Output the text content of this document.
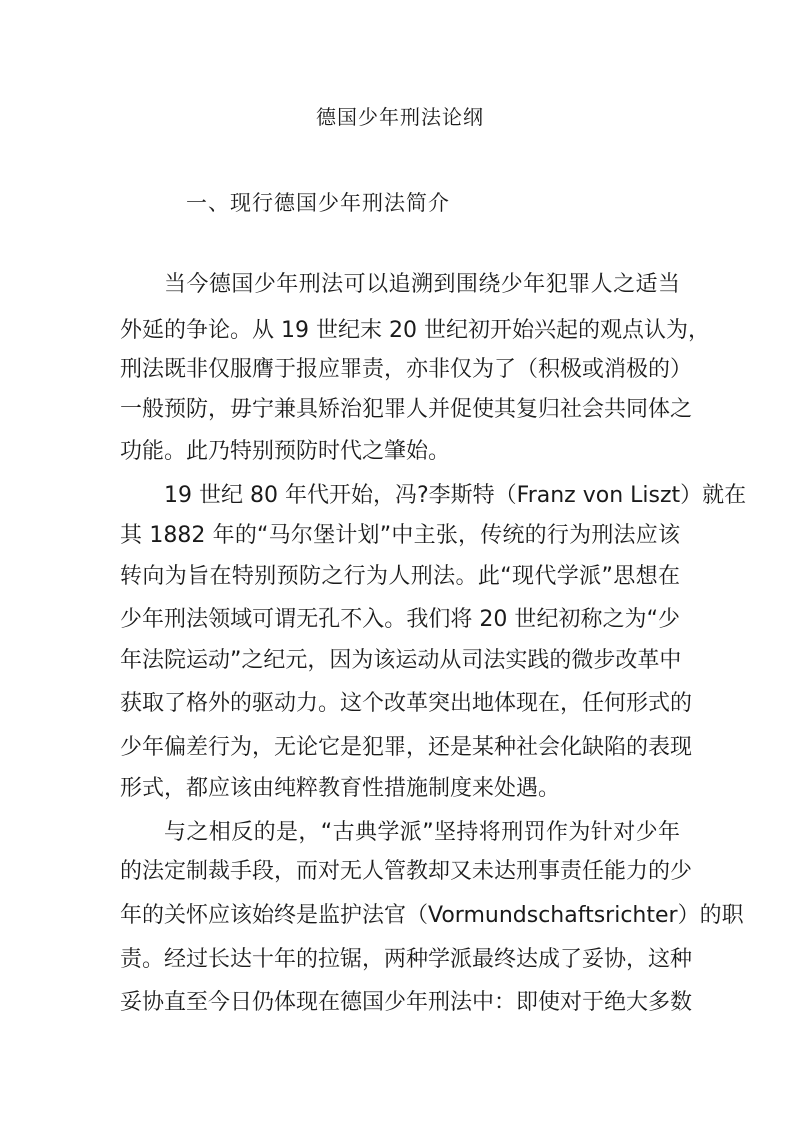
德国少年刑法论纲
一、现行德国少年刑法简介
当今德国少年刑法可以追溯到围绕少年犯罪人之适当
外延的争论。从 19 世纪末 20 世纪初开始兴起的观点认为，
刑法既非仅服膺于报应罪责，亦非仅为了（积极或消极的）
一般预防，毋宁兼具矫治犯罪人并促使其复归社会共同体之
功能。此乃特别预防时代之肇始。
19 世纪 80 年代开始，冯?李斯特（Franz von Liszt）就在
其 1882 年的“马尔堡计划”中主张，传统的行为刑法应该
转向为旨在特别预防之行为人刑法。此“现代学派”思想在
少年刑法领域可谓无孔不入。我们将 20 世纪初称之为“少
年法院运动”之纪元，因为该运动从司法实践的微步改革中
获取了格外的驱动力。这个改革突出地体现在，任何形式的
少年偏差行为，无论它是犯罪，还是某种社会化缺陷的表现
形式，都应该由纯粹教育性措施制度来处遇。
与之相反的是，“古典学派”坚持将刑罚作为针对少年
的法定制裁手段，而对无人管教却又未达刑事责任能力的少
年的关怀应该始终是监护法官（Vormundschaftsrichter）的职
责。经过长达十年的拉锯，两种学派最终达成了妥协，这种
妥协直至今日仍体现在德国少年刑法中：即使对于绝大多数
